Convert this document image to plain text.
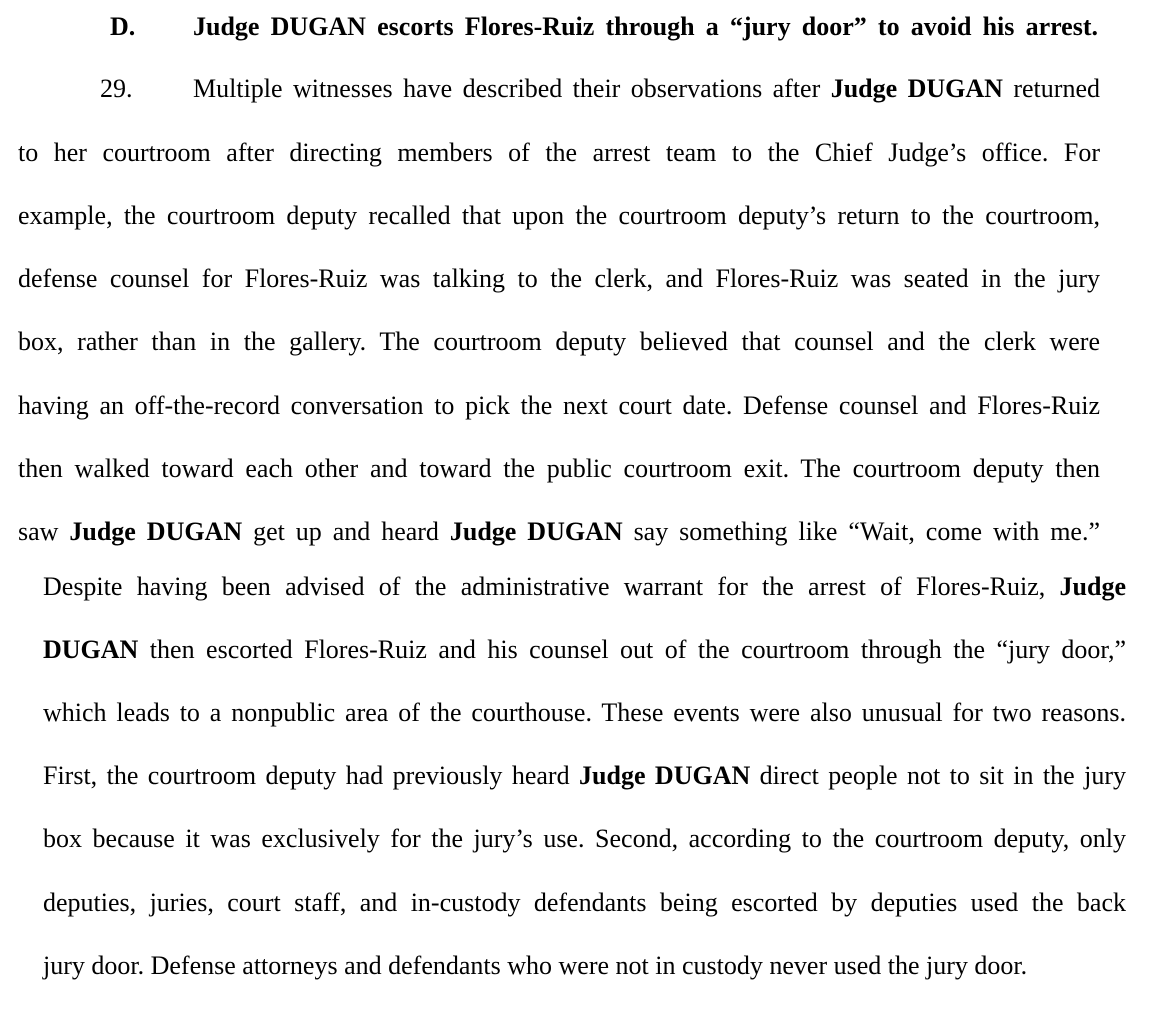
D. Judge DUGAN escorts Flores-Ruiz through a “jury door” to avoid his arrest.
29. Multiple witnesses have described their observations after Judge DUGAN returned
to her courtroom after directing members of the arrest team to the Chief Judge’s office. For
example, the courtroom deputy recalled that upon the courtroom deputy’s return to the courtroom,
defense counsel for Flores-Ruiz was talking to the clerk, and Flores-Ruiz was seated in the jury
box, rather than in the gallery. The courtroom deputy believed that counsel and the clerk were
having an off-the-record conversation to pick the next court date. Defense counsel and Flores-Ruiz
then walked toward each other and toward the public courtroom exit. The courtroom deputy then
saw Judge DUGAN get up and heard Judge DUGAN say something like “Wait, come with me.”
Despite having been advised of the administrative warrant for the arrest of Flores-Ruiz, Judge
DUGAN then escorted Flores-Ruiz and his counsel out of the courtroom through the “jury door,”
which leads to a nonpublic area of the courthouse. These events were also unusual for two reasons.
First, the courtroom deputy had previously heard Judge DUGAN direct people not to sit in the jury
box because it was exclusively for the jury’s use. Second, according to the courtroom deputy, only
deputies, juries, court staff, and in-custody defendants being escorted by deputies used the back
jury door. Defense attorneys and defendants who were not in custody never used the jury door.
